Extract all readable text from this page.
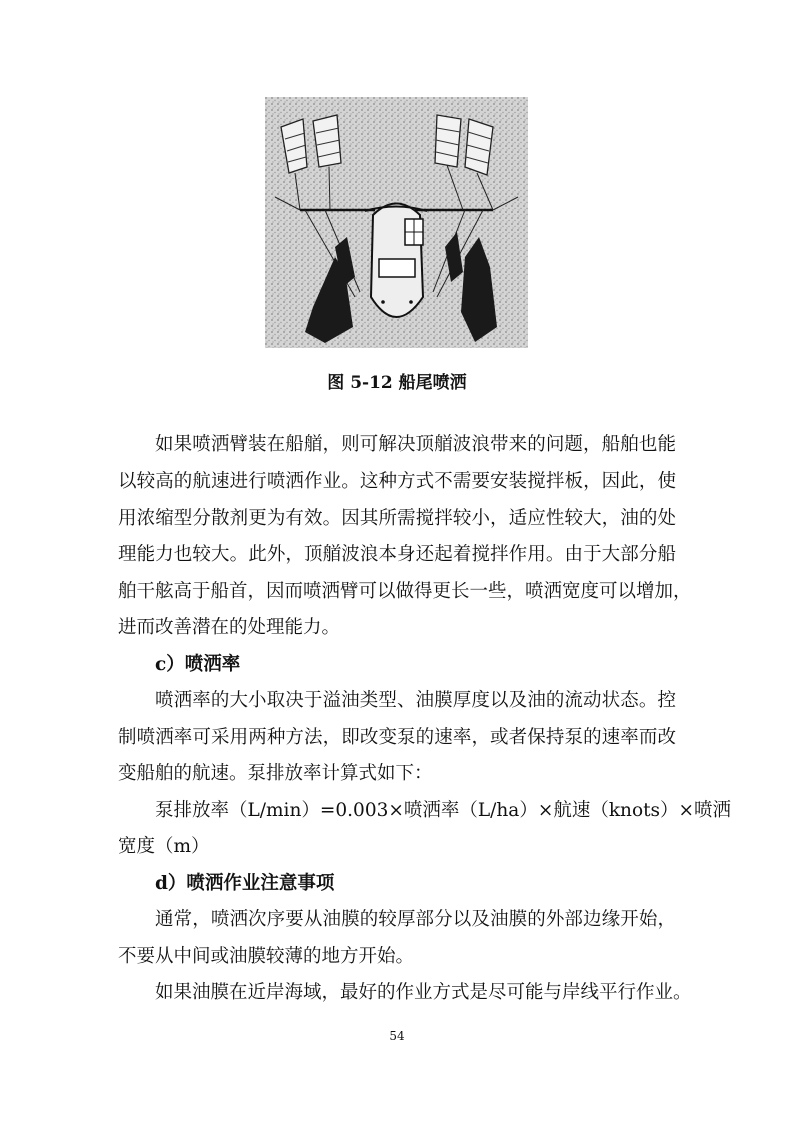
图 5-12 船尾喷洒
如果喷洒臂装在船艏，则可解决顶艏波浪带来的问题，船舶也能
以较高的航速进行喷洒作业。这种方式不需要安装搅拌板，因此，使
用浓缩型分散剂更为有效。因其所需搅拌较小，适应性较大，油的处
理能力也较大。此外，顶艏波浪本身还起着搅拌作用。由于大部分船
舶干舷高于船首，因而喷洒臂可以做得更长一些，喷洒宽度可以增加，
进而改善潜在的处理能力。
c）喷洒率
喷洒率的大小取决于溢油类型、油膜厚度以及油的流动状态。控
制喷洒率可采用两种方法，即改变泵的速率，或者保持泵的速率而改
变船舶的航速。泵排放率计算式如下：
泵排放率（L/min）=0.003×喷洒率（L/ha）×航速（knots）×喷洒
宽度（m）
d）喷洒作业注意事项
通常，喷洒次序要从油膜的较厚部分以及油膜的外部边缘开始，
不要从中间或油膜较薄的地方开始。
如果油膜在近岸海域，最好的作业方式是尽可能与岸线平行作业。
54
